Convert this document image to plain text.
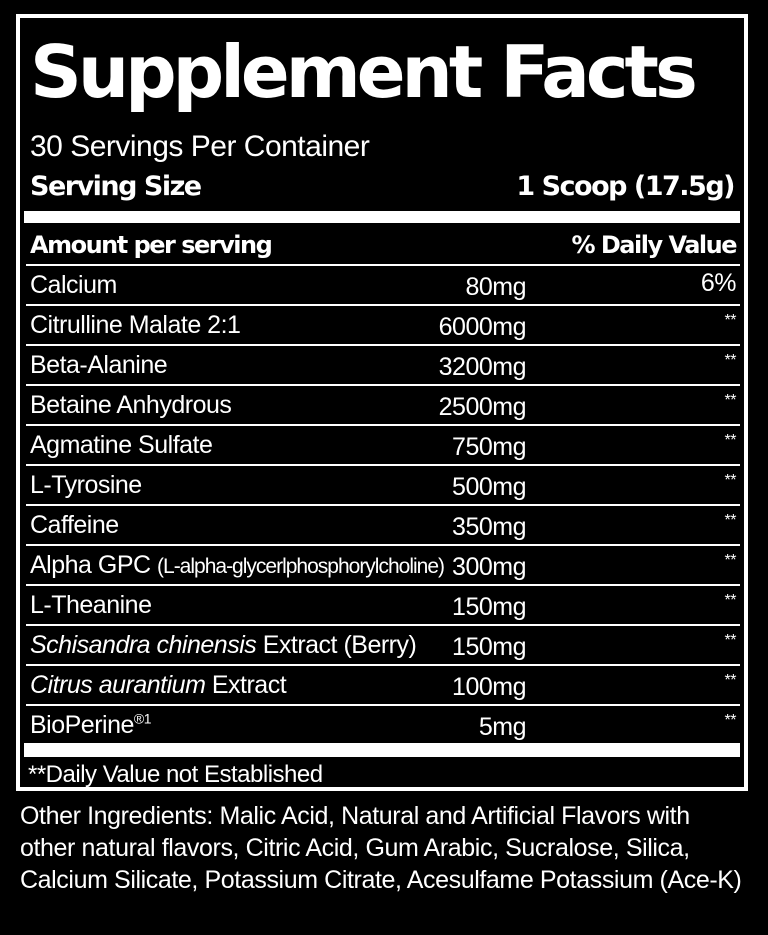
Supplement Facts
30 Servings Per Container
Serving Size	1 Scoop (17.5g)
Amount per serving	% Daily Value
Calcium	80mg	6%
Citrulline Malate 2:1	6000mg	**
Beta-Alanine	3200mg	**
Betaine Anhydrous	2500mg	**
Agmatine Sulfate	750mg	**
L-Tyrosine	500mg	**
Caffeine	350mg	**
Alpha GPC (L-alpha-glycerlphosphorylcholine) 300mg	**
L-Theanine	150mg	**
Schisandra chinensis Extract (Berry) 150mg	**
Citrus aurantium Extract	100mg	**
BioPerine$^{®1}$	5mg	**
**Daily Value not Established
Other Ingredients: Malic Acid, Natural and Artificial Flavors with other natural flavors, Citric Acid, Gum Arabic, Sucralose, Silica, Calcium Silicate, Potassium Citrate, Acesulfame Potassium (Ace-K)
